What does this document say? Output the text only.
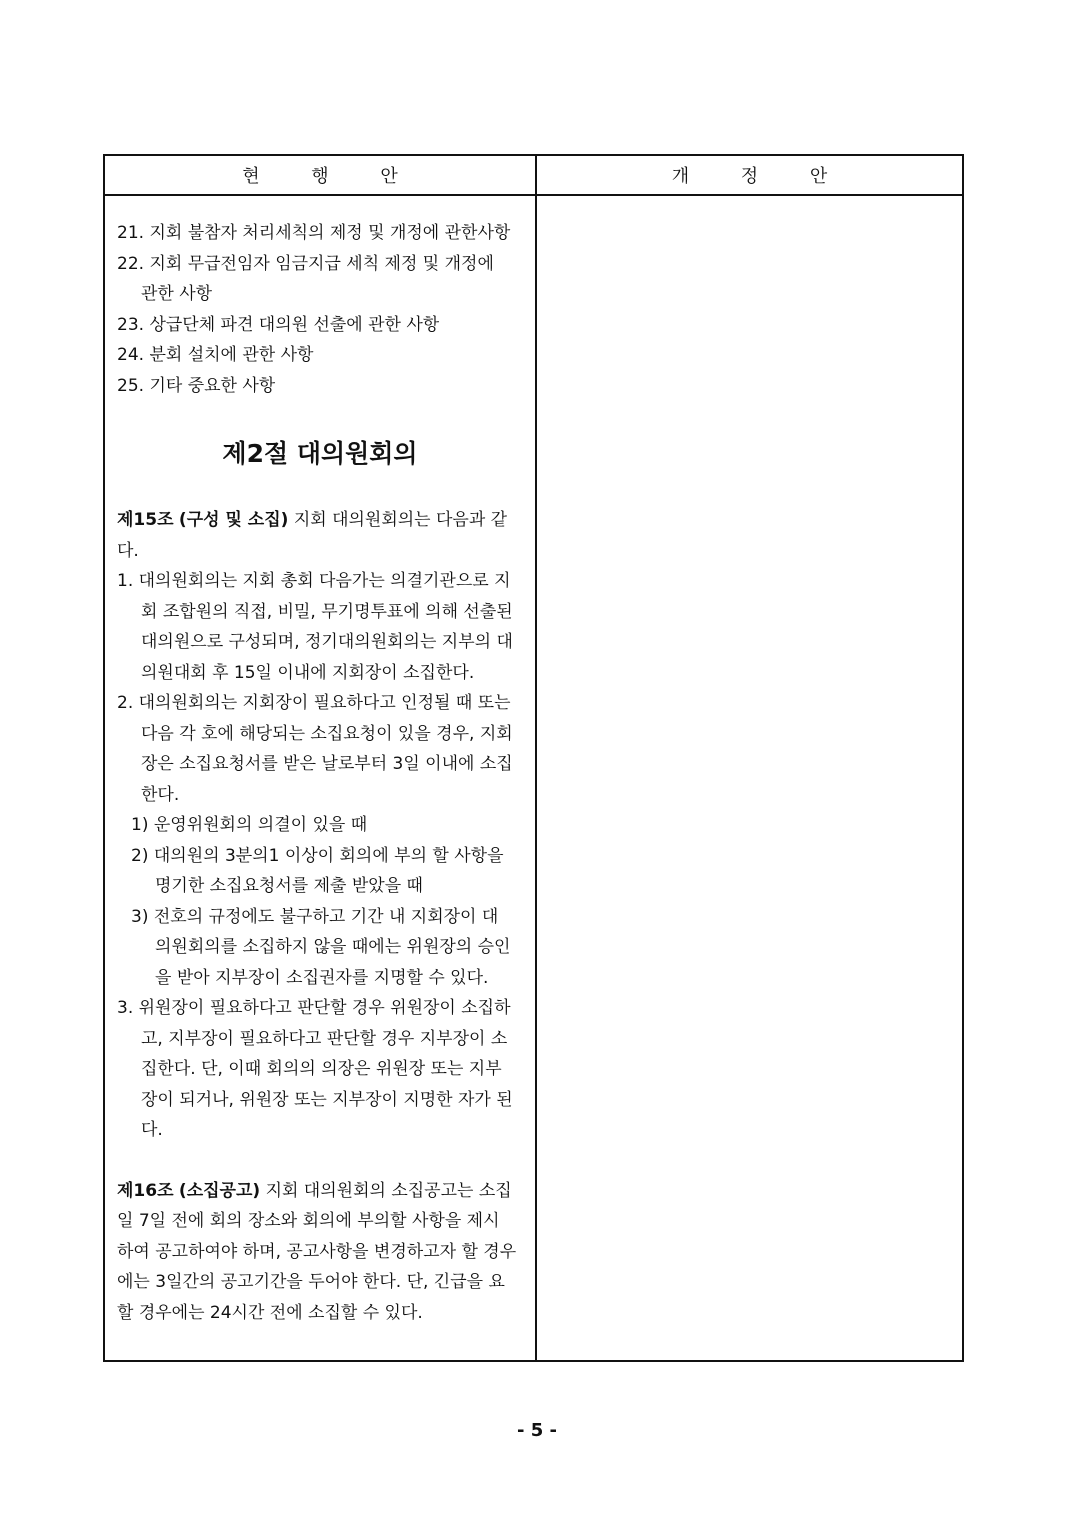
현 행 안	개 정 안
21. 지회 불참자 처리세칙의 제정 및 개정에 관한사항
22. 지회 무급전임자 임금지급 세칙 제정 및 개정에
관한 사항
23. 상급단체 파견 대의원 선출에 관한 사항
24. 분회 설치에 관한 사항
25. 기타 중요한 사항
제2절 대의원회의
제15조 (구성 및 소집) 지회 대의원회의는 다음과 같
다.
1. 대의원회의는 지회 총회 다음가는 의결기관으로 지
회 조합원의 직접, 비밀, 무기명투표에 의해 선출된
대의원으로 구성되며, 정기대의원회의는 지부의 대
의원대회 후 15일 이내에 지회장이 소집한다.
2. 대의원회의는 지회장이 필요하다고 인정될 때 또는
다음 각 호에 해당되는 소집요청이 있을 경우, 지회
장은 소집요청서를 받은 날로부터 3일 이내에 소집
한다.
1) 운영위원회의 의결이 있을 때
2) 대의원의 3분의1 이상이 회의에 부의 할 사항을
명기한 소집요청서를 제출 받았을 때
3) 전호의 규정에도 불구하고 기간 내 지회장이 대
의원회의를 소집하지 않을 때에는 위원장의 승인
을 받아 지부장이 소집권자를 지명할 수 있다.
3. 위원장이 필요하다고 판단할 경우 위원장이 소집하
고, 지부장이 필요하다고 판단할 경우 지부장이 소
집한다. 단, 이때 회의의 의장은 위원장 또는 지부
장이 되거나, 위원장 또는 지부장이 지명한 자가 된
다.
제16조 (소집공고) 지회 대의원회의 소집공고는 소집
일 7일 전에 회의 장소와 회의에 부의할 사항을 제시
하여 공고하여야 하며, 공고사항을 변경하고자 할 경우
에는 3일간의 공고기간을 두어야 한다. 단, 긴급을 요
할 경우에는 24시간 전에 소집할 수 있다.
- 5 -
